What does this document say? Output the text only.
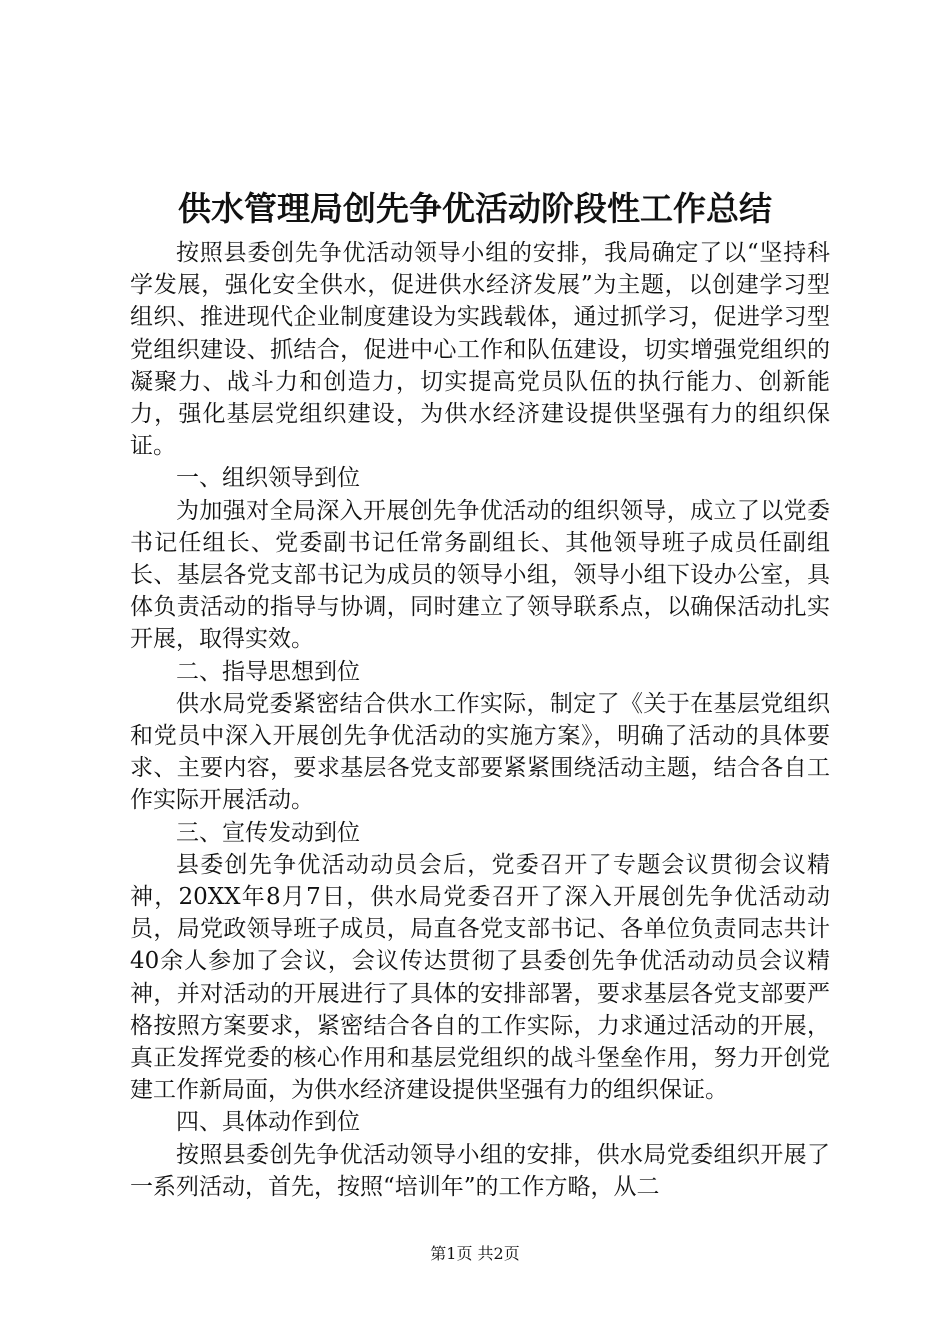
供水管理局创先争优活动阶段性工作总结

按照县委创先争优活动领导小组的安排，我局确定了以“坚持科学发展，强化安全供水，促进供水经济发展”为主题，以创建学习型组织、推进现代企业制度建设为实践载体，通过抓学习，促进学习型党组织建设、抓结合，促进中心工作和队伍建设，切实增强党组织的凝聚力、战斗力和创造力，切实提高党员队伍的执行能力、创新能力，强化基层党组织建设，为供水经济建设提供坚强有力的组织保证。

一、组织领导到位

为加强对全局深入开展创先争优活动的组织领导，成立了以党委书记任组长、党委副书记任常务副组长、其他领导班子成员任副组长、基层各党支部书记为成员的领导小组，领导小组下设办公室，具体负责活动的指导与协调，同时建立了领导联系点，以确保活动扎实开展，取得实效。

二、指导思想到位

供水局党委紧密结合供水工作实际，制定了《关于在基层党组织和党员中深入开展创先争优活动的实施方案》，明确了活动的具体要求、主要内容，要求基层各党支部要紧紧围绕活动主题，结合各自工作实际开展活动。

三、宣传发动到位

县委创先争优活动动员会后，党委召开了专题会议贯彻会议精神，20XX年8月7日，供水局党委召开了深入开展创先争优活动动员，局党政领导班子成员，局直各党支部书记、各单位负责同志共计40余人参加了会议，会议传达贯彻了县委创先争优活动动员会议精神，并对活动的开展进行了具体的安排部署，要求基层各党支部要严格按照方案要求，紧密结合各自的工作实际，力求通过活动的开展，真正发挥党委的核心作用和基层党组织的战斗堡垒作用，努力开创党建工作新局面，为供水经济建设提供坚强有力的组织保证。

四、具体动作到位

按照县委创先争优活动领导小组的安排，供水局党委组织开展了一系列活动，首先，按照“培训年”的工作方略，从二

第1页 共2页
